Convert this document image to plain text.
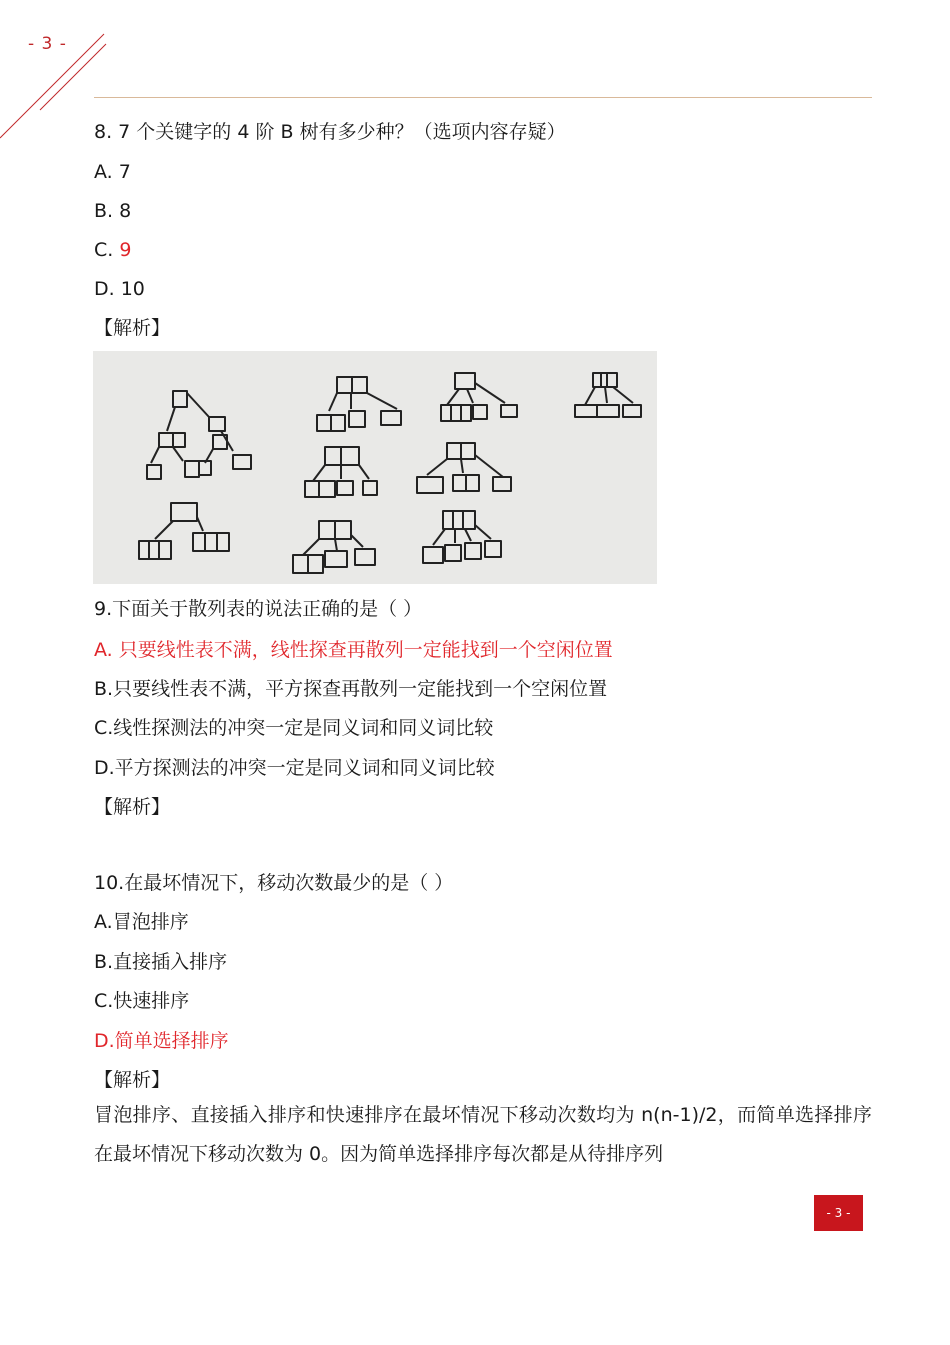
- 3 -
8. 7 个关键字的 4 阶 B 树有多少种？（选项内容存疑）
A. 7
B. 8
C. 9
D. 10
【解析】
9.下面关于散列表的说法正确的是（ ）
A. 只要线性表不满，线性探查再散列一定能找到一个空闲位置
B.只要线性表不满，平方探查再散列一定能找到一个空闲位置
C.线性探测法的冲突一定是同义词和同义词比较
D.平方探测法的冲突一定是同义词和同义词比较
【解析】
10.在最坏情况下，移动次数最少的是（ ）
A.冒泡排序
B.直接插入排序
C.快速排序
D.简单选择排序
【解析】
冒泡排序、直接插入排序和快速排序在最坏情况下移动次数均为 n(n-1)/2，而简单选择排序在最坏情况下移动次数为 0。因为简单选择排序每次都是从待排序列
- 3 -
